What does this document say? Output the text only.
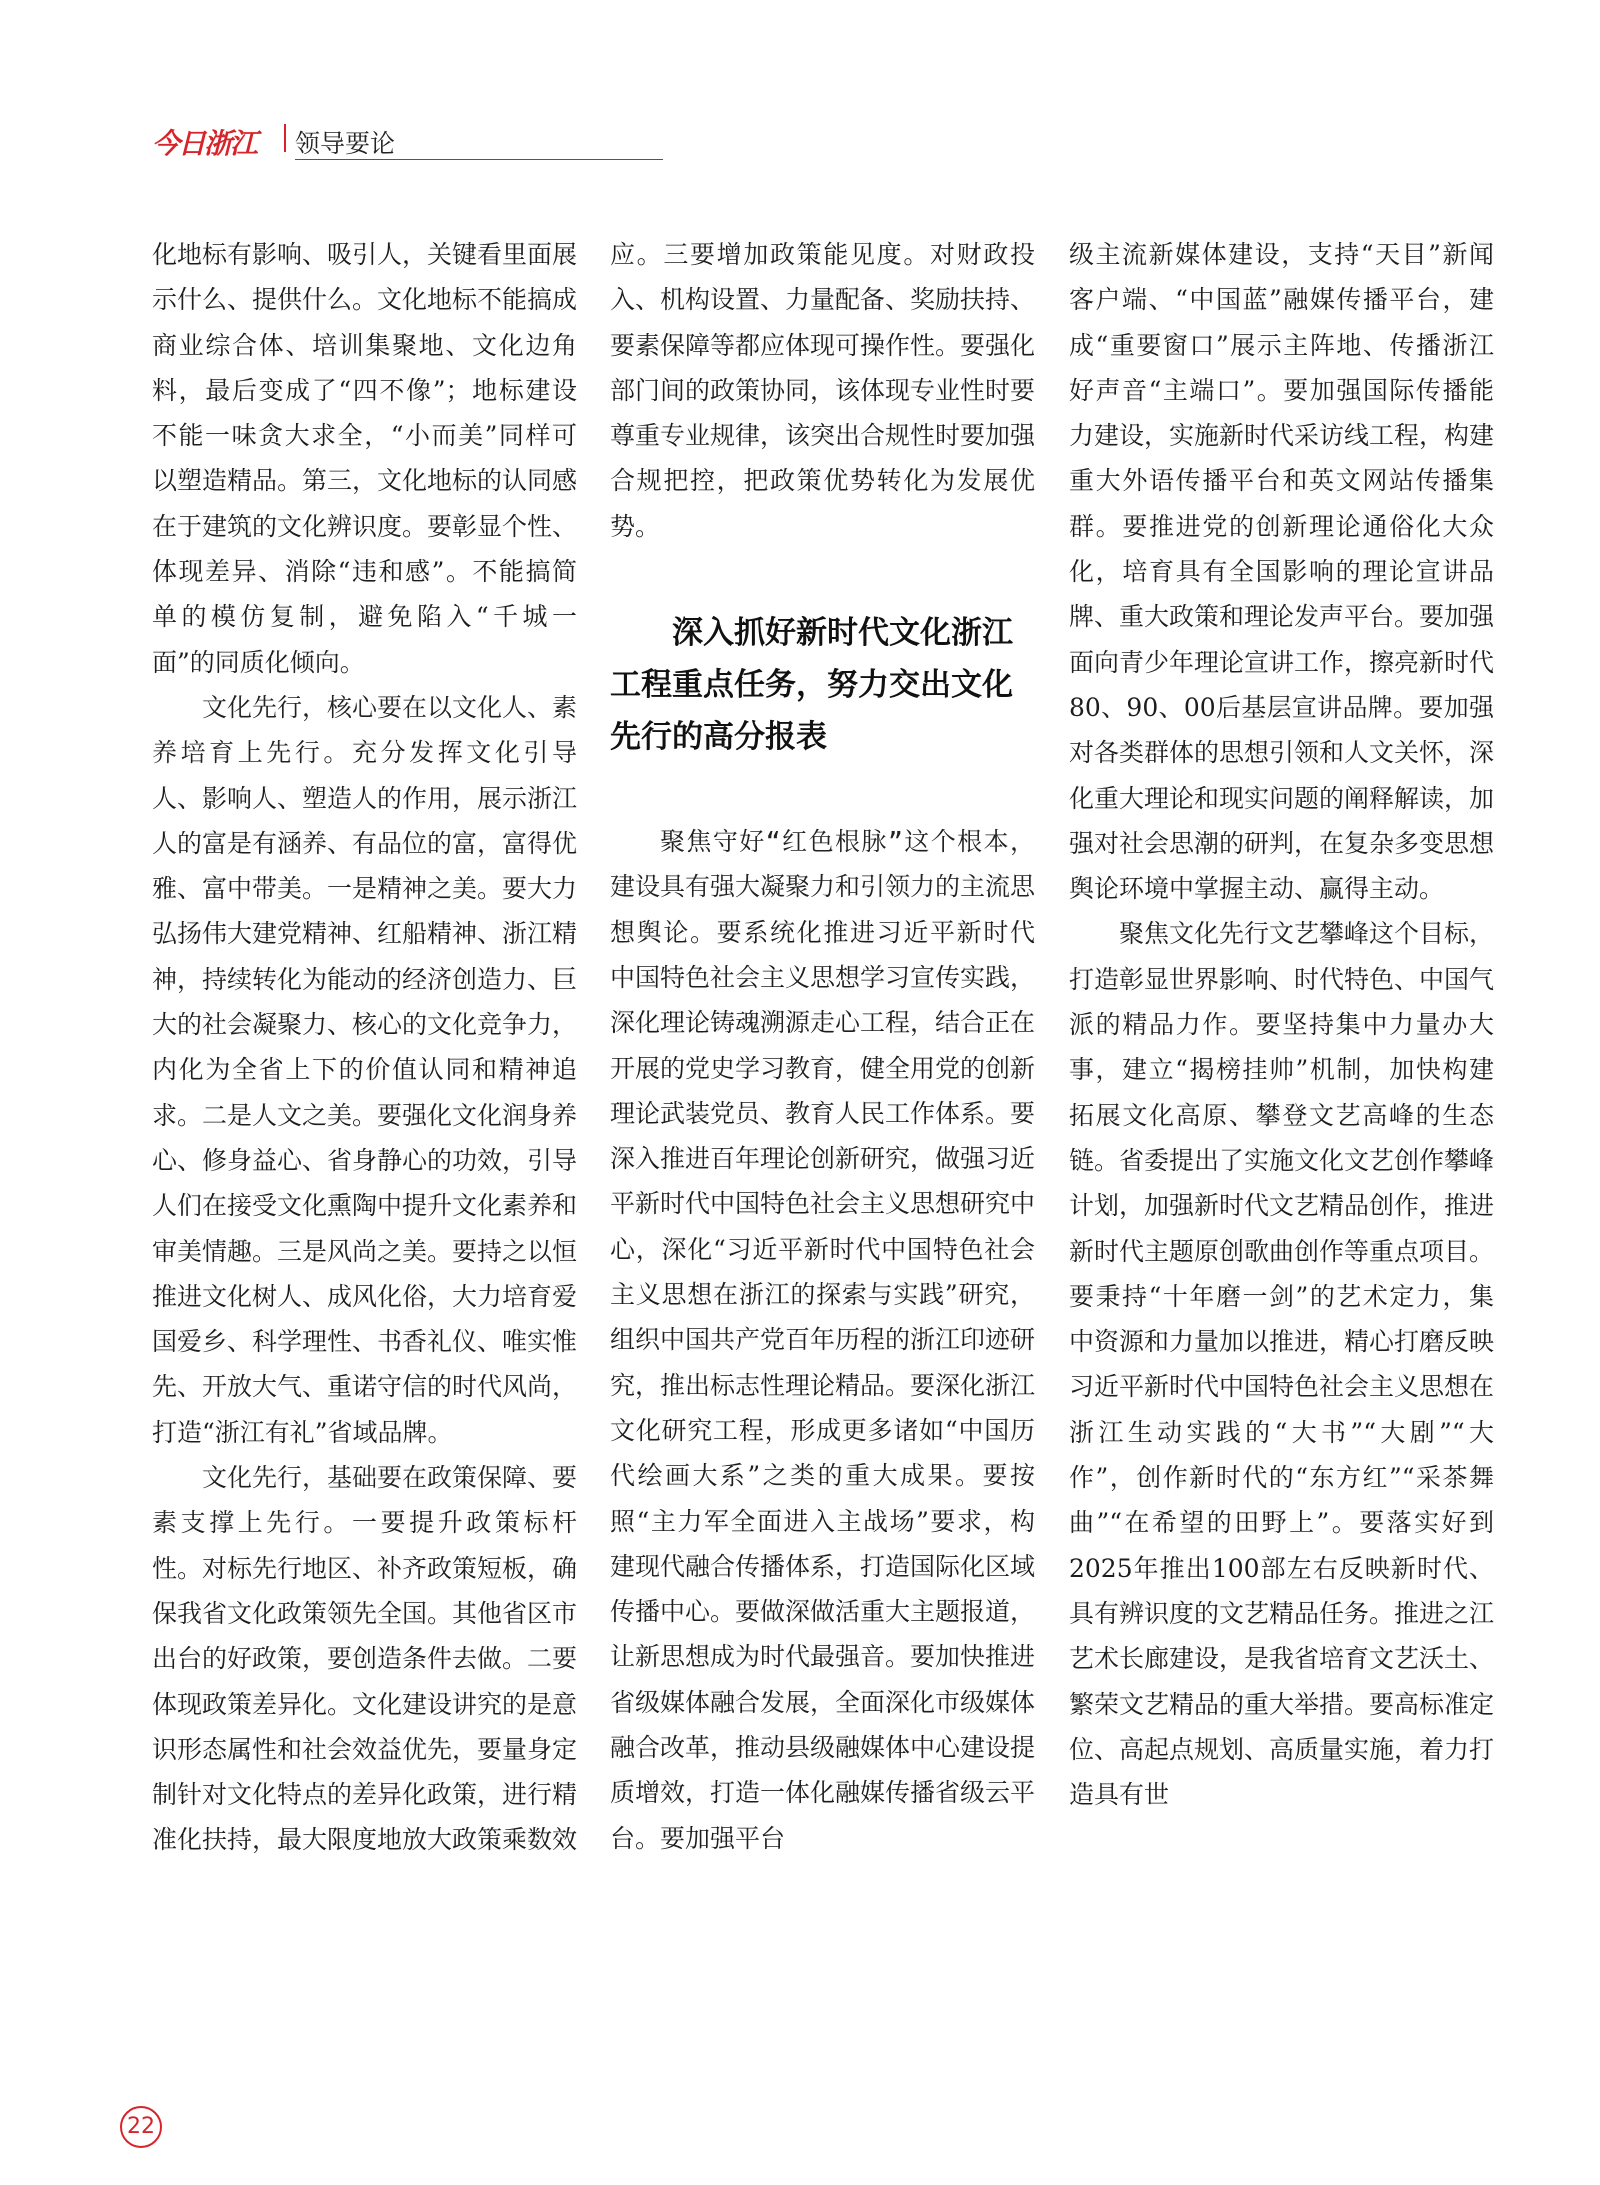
今日浙江 领导要论

化地标有影响、吸引人，关键看里面展示什么、提供什么。文化地标不能搞成商业综合体、培训集聚地、文化边角料，最后变成了“四不像”；地标建设不能一味贪大求全，“小而美”同样可以塑造精品。第三，文化地标的认同感在于建筑的文化辨识度。要彰显个性、体现差异、消除“违和感”。不能搞简单的模仿复制，避免陷入“千城一面”的同质化倾向。

文化先行，核心要在以文化人、素养培育上先行。充分发挥文化引导人、影响人、塑造人的作用，展示浙江人的富是有涵养、有品位的富，富得优雅、富中带美。一是精神之美。要大力弘扬伟大建党精神、红船精神、浙江精神，持续转化为能动的经济创造力、巨大的社会凝聚力、核心的文化竞争力，内化为全省上下的价值认同和精神追求。二是人文之美。要强化文化润身养心、修身益心、省身静心的功效，引导人们在接受文化熏陶中提升文化素养和审美情趣。三是风尚之美。要持之以恒推进文化树人、成风化俗，大力培育爱国爱乡、科学理性、书香礼仪、唯实惟先、开放大气、重诺守信的时代风尚，打造“浙江有礼”省域品牌。

文化先行，基础要在政策保障、要素支撑上先行。一要提升政策标杆性。对标先行地区、补齐政策短板，确保我省文化政策领先全国。其他省区市出台的好政策，要创造条件去做。二要体现政策差异化。文化建设讲究的是意识形态属性和社会效益优先，要量身定制针对文化特点的差异化政策，进行精准化扶持，最大限度地放大政策乘数效

应。三要增加政策能见度。对财政投入、机构设置、力量配备、奖励扶持、要素保障等都应体现可操作性。要强化部门间的政策协同，该体现专业性时要尊重专业规律，该突出合规性时要加强合规把控，把政策优势转化为发展优势。

深入抓好新时代文化浙江工程重点任务，努力交出文化先行的高分报表

聚焦守好“红色根脉”这个根本，建设具有强大凝聚力和引领力的主流思想舆论。要系统化推进习近平新时代中国特色社会主义思想学习宣传实践，深化理论铸魂溯源走心工程，结合正在开展的党史学习教育，健全用党的创新理论武装党员、教育人民工作体系。要深入推进百年理论创新研究，做强习近平新时代中国特色社会主义思想研究中心，深化“习近平新时代中国特色社会主义思想在浙江的探索与实践”研究，组织中国共产党百年历程的浙江印迹研究，推出标志性理论精品。要深化浙江文化研究工程，形成更多诸如“中国历代绘画大系”之类的重大成果。要按照“主力军全面进入主战场”要求，构建现代融合传播体系，打造国际化区域传播中心。要做深做活重大主题报道，让新思想成为时代最强音。要加快推进省级媒体融合发展，全面深化市级媒体融合改革，推动县级融媒体中心建设提质增效，打造一体化融媒传播省级云平台。要加强平台

级主流新媒体建设，支持“天目”新闻客户端、“中国蓝”融媒传播平台，建成“重要窗口”展示主阵地、传播浙江好声音“主端口”。要加强国际传播能力建设，实施新时代采访线工程，构建重大外语传播平台和英文网站传播集群。要推进党的创新理论通俗化大众化，培育具有全国影响的理论宣讲品牌、重大政策和理论发声平台。要加强面向青少年理论宣讲工作，擦亮新时代80、90、00后基层宣讲品牌。要加强对各类群体的思想引领和人文关怀，深化重大理论和现实问题的阐释解读，加强对社会思潮的研判，在复杂多变思想舆论环境中掌握主动、赢得主动。

聚焦文化先行文艺攀峰这个目标，打造彰显世界影响、时代特色、中国气派的精品力作。要坚持集中力量办大事，建立“揭榜挂帅”机制，加快构建拓展文化高原、攀登文艺高峰的生态链。省委提出了实施文化文艺创作攀峰计划，加强新时代文艺精品创作，推进新时代主题原创歌曲创作等重点项目。要秉持“十年磨一剑”的艺术定力，集中资源和力量加以推进，精心打磨反映习近平新时代中国特色社会主义思想在浙江生动实践的“大书”“大剧”“大作”，创作新时代的“东方红”“采茶舞曲”“在希望的田野上”。要落实好到2025年推出100部左右反映新时代、具有辨识度的文艺精品任务。推进之江艺术长廊建设，是我省培育文艺沃土、繁荣文艺精品的重大举措。要高标准定位、高起点规划、高质量实施，着力打造具有世

22
